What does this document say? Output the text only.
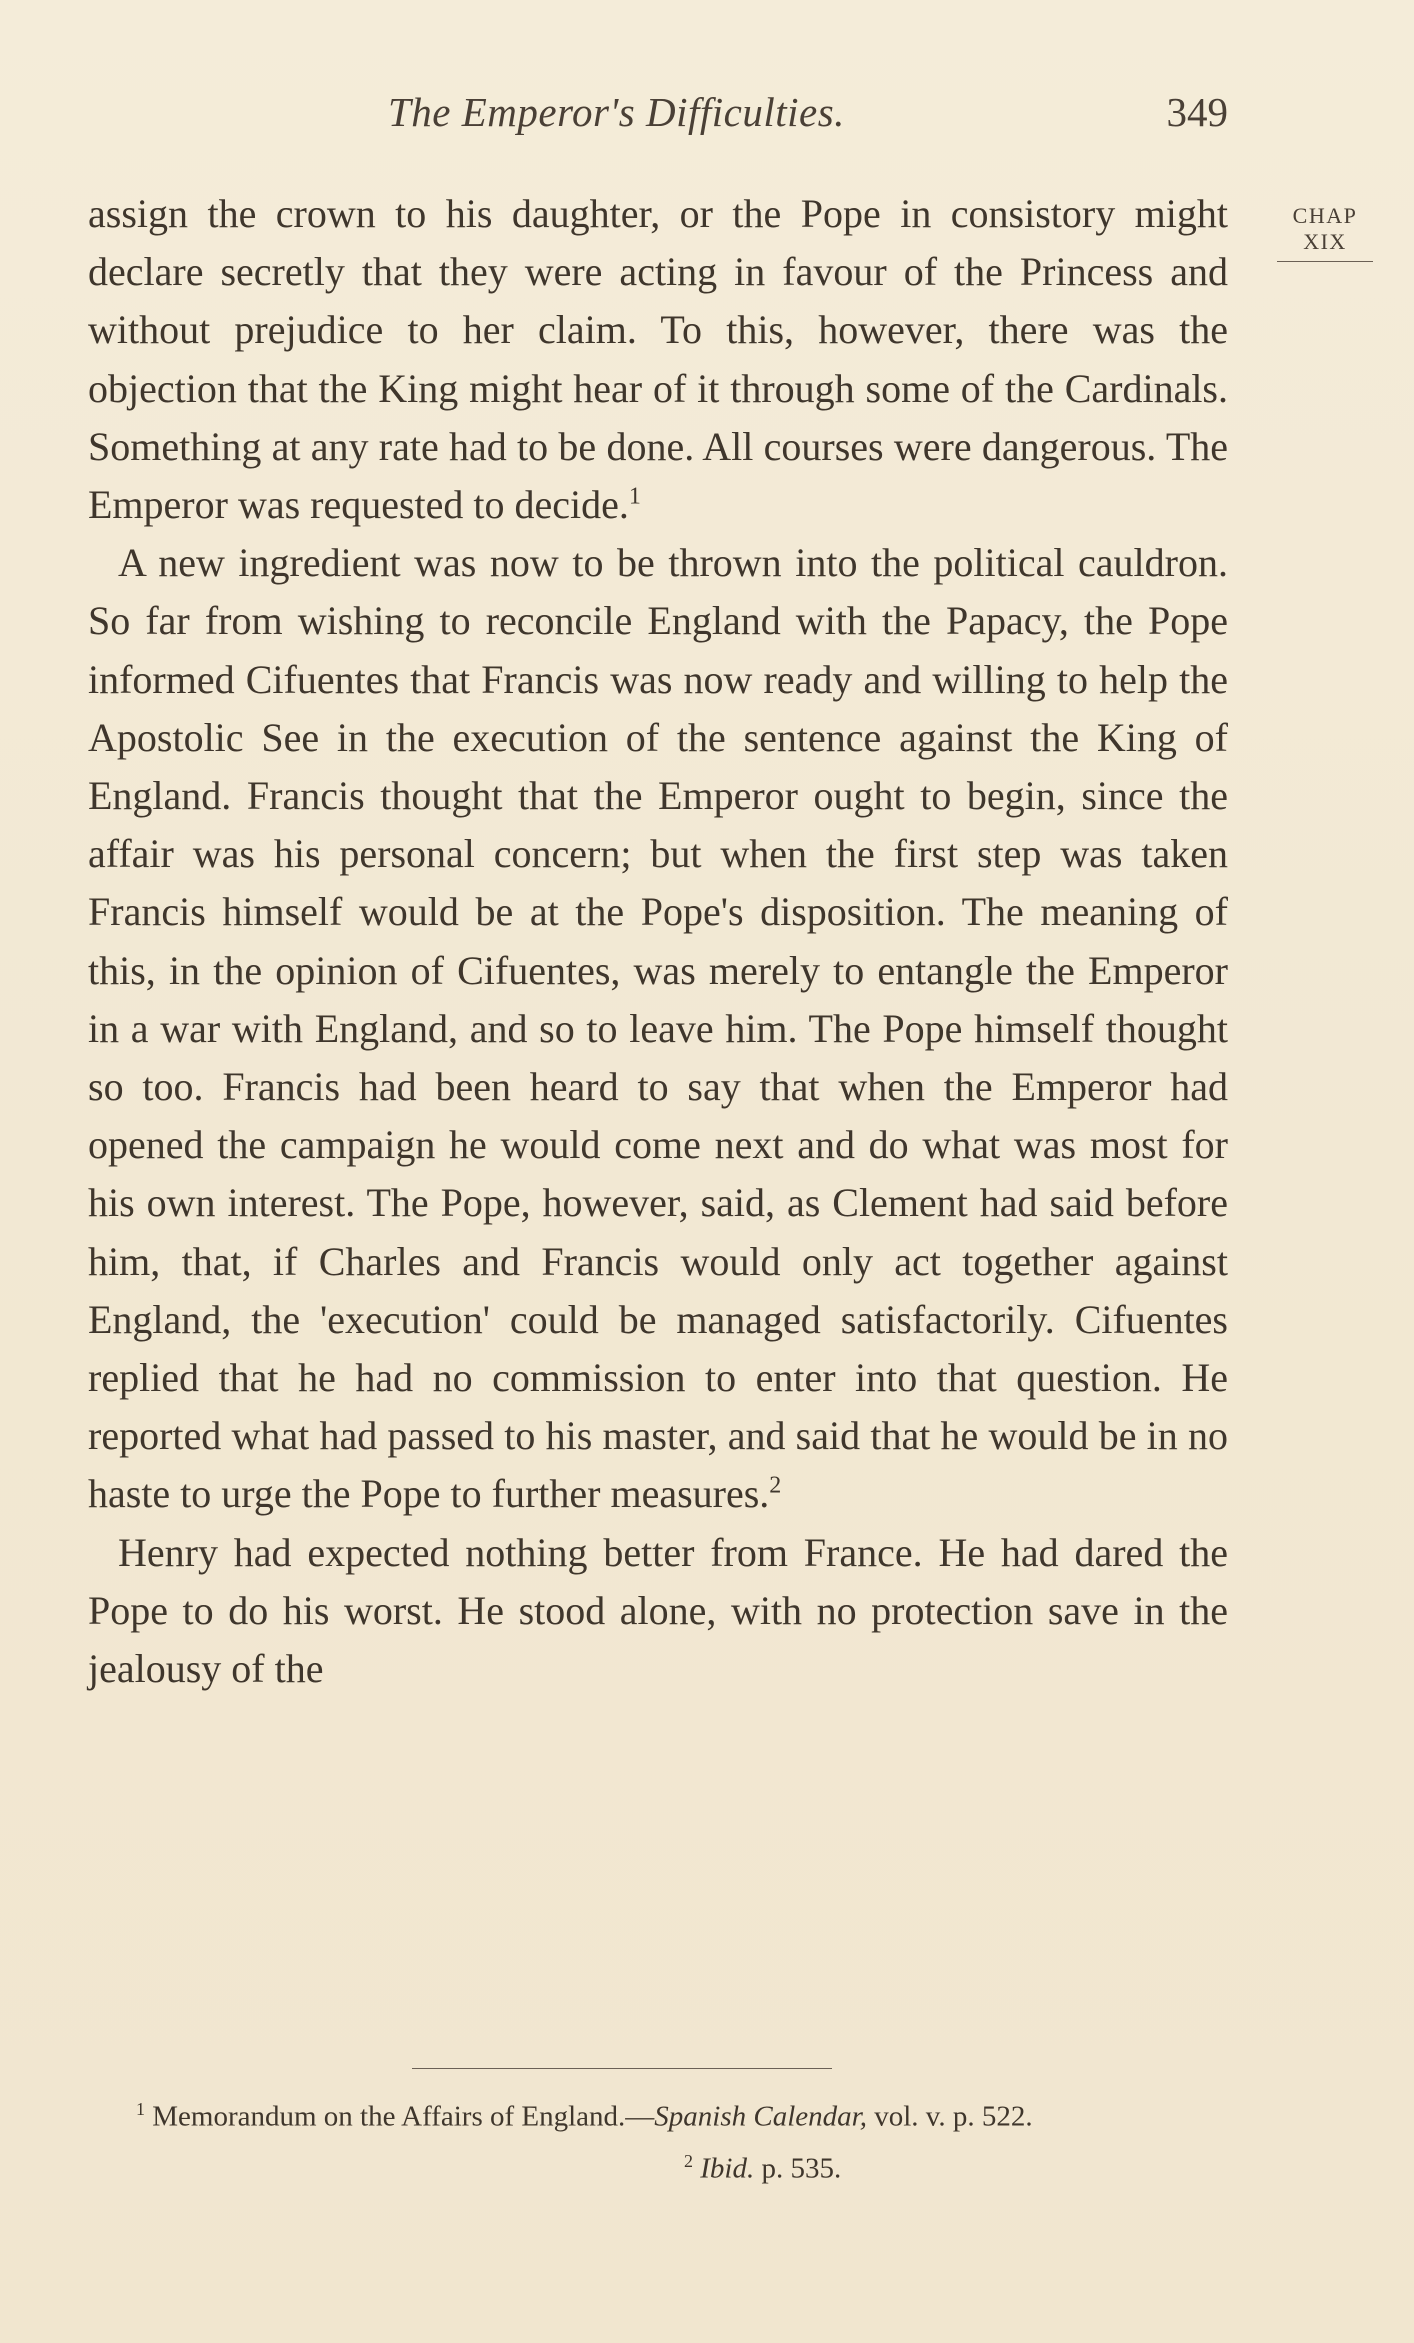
The Emperor's Difficulties.	349
CHAP
XIX

assign the crown to his daughter, or the Pope in consistory might declare secretly that they were acting in favour of the Princess and without prejudice to her claim. To this, however, there was the objection that the King might hear of it through some of the Cardinals. Something at any rate had to be done. All courses were dangerous. The Emperor was requested to decide.$^1$

A new ingredient was now to be thrown into the political cauldron. So far from wishing to reconcile England with the Papacy, the Pope informed Cifuentes that Francis was now ready and willing to help the Apostolic See in the execution of the sentence against the King of England. Francis thought that the Emperor ought to begin, since the affair was his personal concern; but when the first step was taken Francis himself would be at the Pope's disposition. The meaning of this, in the opinion of Cifuentes, was merely to entangle the Emperor in a war with England, and so to leave him. The Pope himself thought so too. Francis had been heard to say that when the Emperor had opened the campaign he would come next and do what was most for his own interest. The Pope, however, said, as Clement had said before him, that, if Charles and Francis would only act together against England, the 'execution' could be managed satisfactorily. Cifuentes replied that he had no commission to enter into that question. He reported what had passed to his master, and said that he would be in no haste to urge the Pope to further measures.$^2$

Henry had expected nothing better from France. He had dared the Pope to do his worst. He stood alone, with no protection save in the jealousy of the

$^1$ Memorandum on the Affairs of England.—Spanish Calendar, vol. v. p. 522.
$^2$ Ibid. p. 535.
